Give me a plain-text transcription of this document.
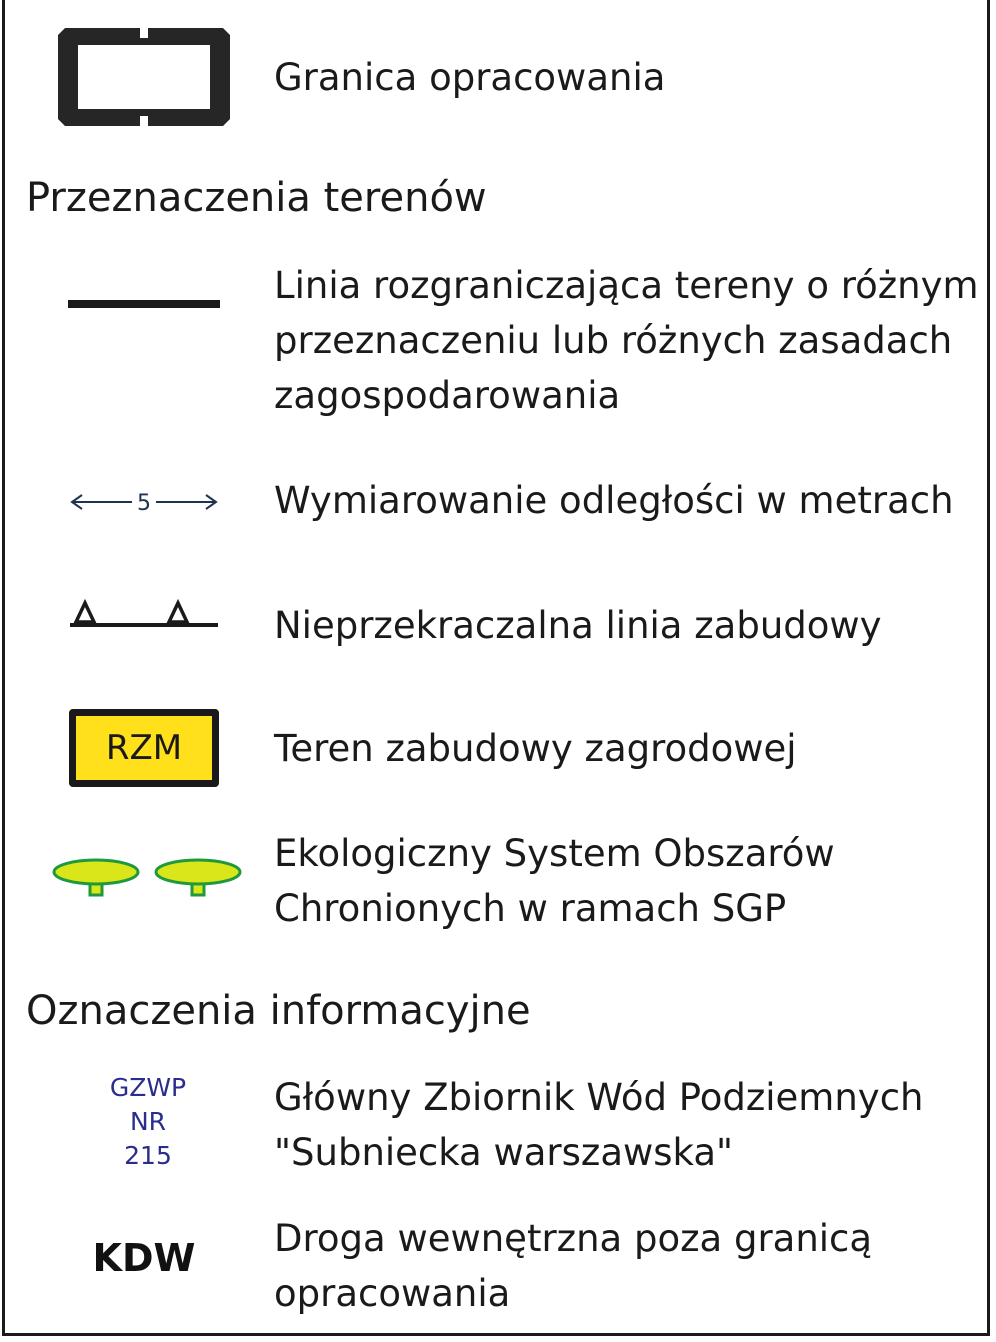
Granica opracowania
Przeznaczenia terenów
Linia rozgraniczająca tereny o różnym
przeznaczeniu lub różnych zasadach
zagospodarowania
5	Wymiarowanie odległości w metrach
Nieprzekraczalna linia zabudowy
RZM	Teren zabudowy zagrodowej
Ekologiczny System Obszarów
Chronionych w ramach SGP
Oznaczenia informacyjne
GZWP
NR
215
Główny Zbiornik Wód Podziemnych
"Subniecka warszawska"
KDW Droga wewnętrzna poza granicą
opracowania
